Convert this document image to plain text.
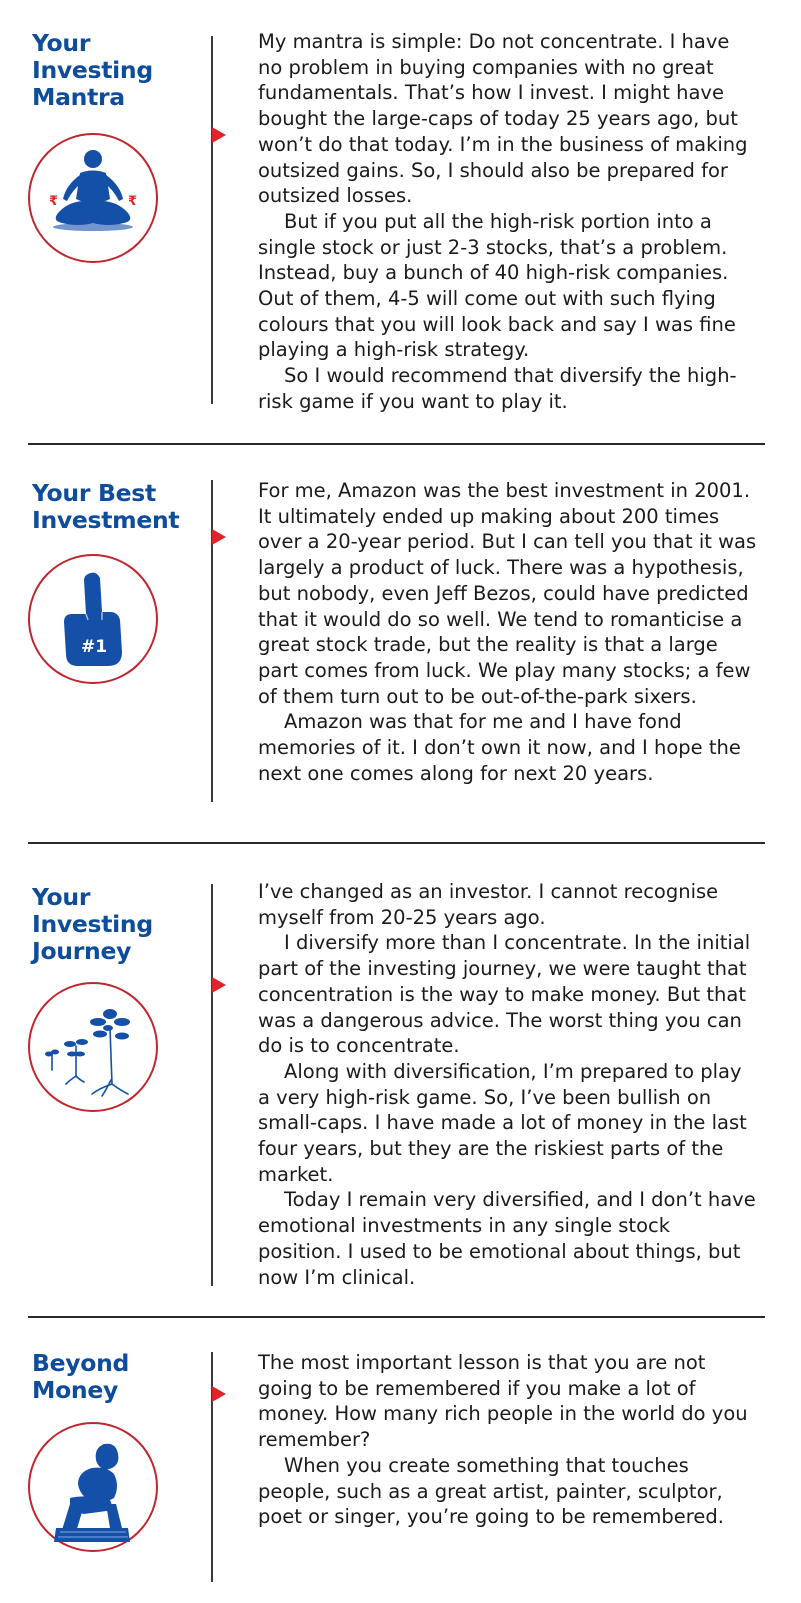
Your
Investing
Mantra
₹	₹

My mantra is simple: Do not concentrate. I have no problem in buying companies with no great fundamentals. That’s how I invest. I might have bought the large-caps of today 25 years ago, but won’t do that today. I’m in the business of making outsized gains. So, I should also be prepared for outsized losses.

But if you put all the high-risk portion into a single stock or just 2-3 stocks, that’s a problem. Instead, buy a bunch of 40 high-risk companies. Out of them, 4-5 will come out with such flying colours that you will look back and say I was fine playing a high-risk strategy.

So I would recommend that diversify the high-risk game if you want to play it.

Your Best
Investment
#1

For me, Amazon was the best investment in 2001. It ultimately ended up making about 200 times over a 20-year period. But I can tell you that it was largely a product of luck. There was a hypothesis, but nobody, even Jeff Bezos, could have predicted that it would do so well. We tend to romanticise a great stock trade, but the reality is that a large part comes from luck. We play many stocks; a few of them turn out to be out-of-the-park sixers.

Amazon was that for me and I have fond memories of it. I don’t own it now, and I hope the next one comes along for next 20 years.

Your
Investing
Journey

I’ve changed as an investor. I cannot recognise myself from 20-25 years ago.

I diversify more than I concentrate. In the initial part of the investing journey, we were taught that concentration is the way to make money. But that was a dangerous advice. The worst thing you can do is to concentrate.

Along with diversification, I’m prepared to play a very high-risk game. So, I’ve been bullish on small-caps. I have made a lot of money in the last four years, but they are the riskiest parts of the market.

Today I remain very diversified, and I don’t have emotional investments in any single stock position. I used to be emotional about things, but now I’m clinical.

Beyond
Money

The most important lesson is that you are not going to be remembered if you make a lot of money. How many rich people in the world do you remember?

When you create something that touches people, such as a great artist, painter, sculptor, poet or singer, you’re going to be remembered.
